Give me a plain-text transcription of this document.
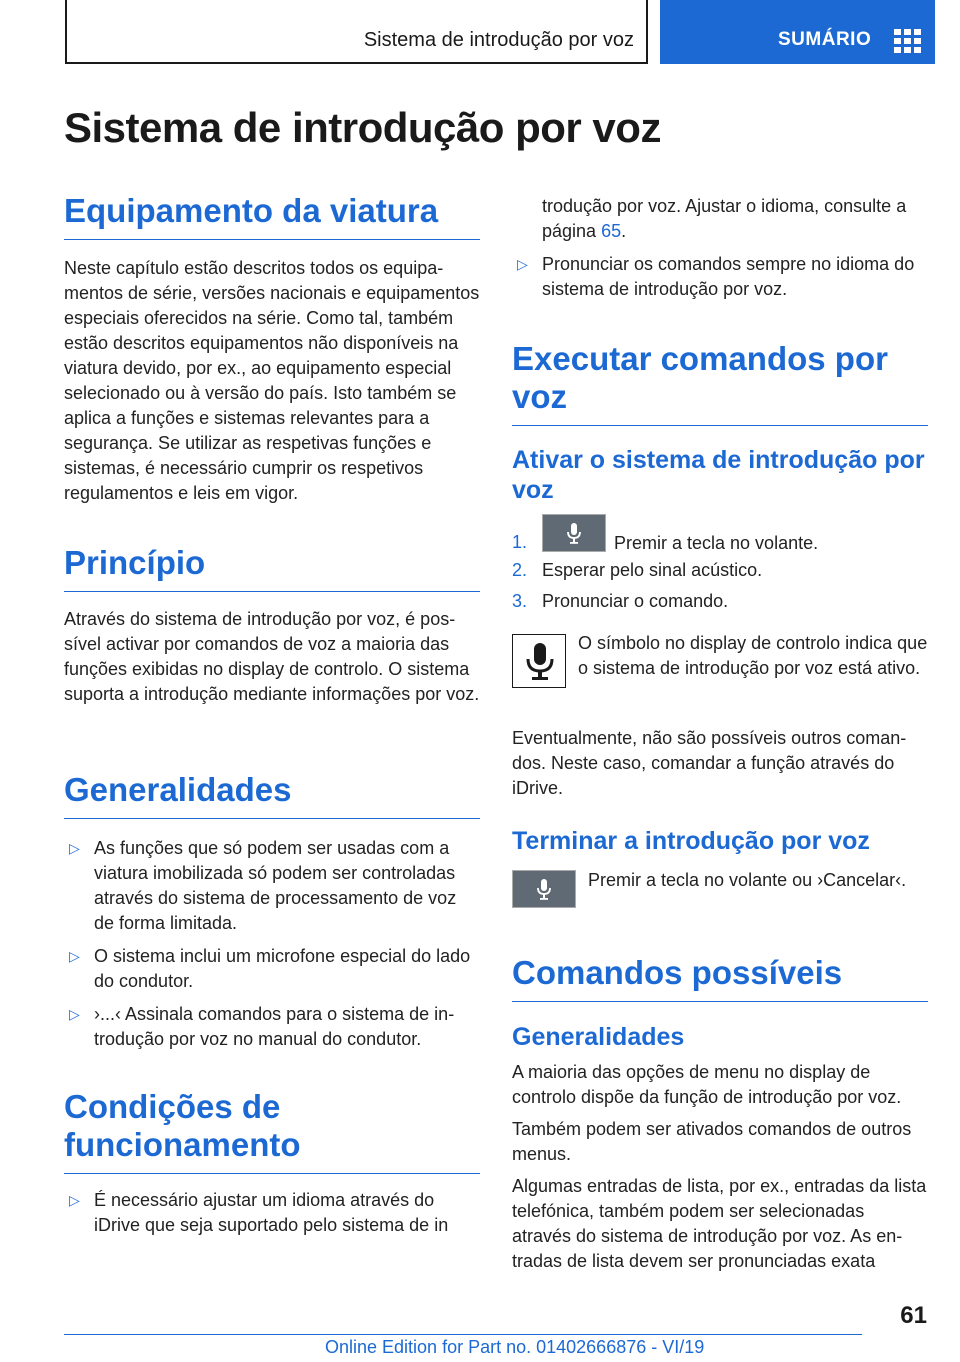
Sistema de introdução por voz	SUMÁRIO
Sistema de introdução por voz
Equipamento da viatura

Neste capítulo estão descritos todos os equipamentos de série, versões nacionais e equipamentos especiais oferecidos na série. Como tal, também estão descritos equipamentos não disponíveis na viatura devido, por ex., ao equipamento especial selecionado ou à versão do país. Isto também se aplica a funções e sistemas relevantes para a segurança. Se utilizar as respetivas funções e sistemas, é necessário cumprir os respetivos regulamentos e leis em vigor.

Princípio

Através do sistema de introdução por voz, é possível activar por comandos de voz a maioria das funções exibidas no display de controlo. O sistema suporta a introdução mediante informações por voz.

Generalidades
▷ As funções que só podem ser usadas com a viatura imobilizada só podem ser controladas através do sistema de processamento de voz de forma limitada.
▷ O sistema inclui um microfone especial do lado do condutor.
▷ ›...‹ Assinala comandos para o sistema de introdução por voz no manual do condutor.
Condições de funcionamento
▷ É necessário ajustar um idioma através do iDrive que seja suportado pelo sistema de in

trodução por voz. Ajustar o idioma, consulte a página 65.

▷ Pronunciar os comandos sempre no idioma do sistema de introdução por voz.
Executar comandos por voz
Ativar o sistema de introdução por voz
1.	Premir a tecla no volante.
2. Esperar pelo sinal acústico.
3. Pronunciar o comando.

O símbolo no display de controlo indica que o sistema de introdução por voz está ativo.

Eventualmente, não são possíveis outros comandos. Neste caso, comandar a função através do iDrive.

Terminar a introdução por voz

Premir a tecla no volante ou ›Cancelar‹.

Comandos possíveis
Generalidades

A maioria das opções de menu no display de controlo dispõe da função de introdução por voz.

Também podem ser ativados comandos de outros menus.

Algumas entradas de lista, por ex., entradas da lista telefónica, também podem ser selecionadas através do sistema de introdução por voz. As entradas de lista devem ser pronunciadas exata

61
Online Edition for Part no. 01402666876 - VI/19
